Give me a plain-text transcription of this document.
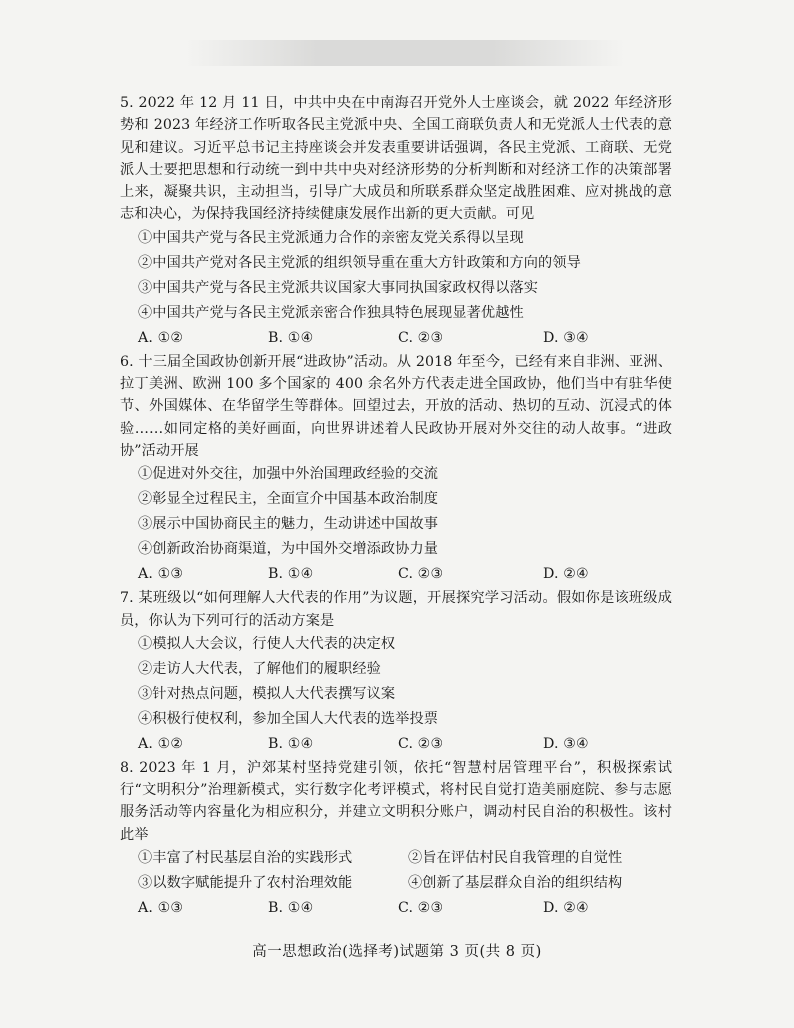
5. 2022 年 12 月 11 日，中共中央在中南海召开党外人士座谈会，就 2022 年经济形势和 2023 年经济工作听取各民主党派中央、全国工商联负责人和无党派人士代表的意见和建议。习近平总书记主持座谈会并发表重要讲话强调，各民主党派、工商联、无党派人士要把思想和行动统一到中共中央对经济形势的分析判断和对经济工作的决策部署上来，凝聚共识，主动担当，引导广大成员和所联系群众坚定战胜困难、应对挑战的意志和决心，为保持我国经济持续健康发展作出新的更大贡献。可见

①中国共产党与各民主党派通力合作的亲密友党关系得以呈现

②中国共产党对各民主党派的组织领导重在重大方针政策和方向的领导

③中国共产党与各民主党派共议国家大事同执国家政权得以落实

④中国共产党与各民主党派亲密合作独具特色展现显著优越性

A. ①②	B. ①④	C. ②③	D. ③④

6. 十三届全国政协创新开展“进政协”活动。从 2018 年至今，已经有来自非洲、亚洲、拉丁美洲、欧洲 100 多个国家的 400 余名外方代表走进全国政协，他们当中有驻华使节、外国媒体、在华留学生等群体。回望过去，开放的活动、热切的互动、沉浸式的体验……如同定格的美好画面，向世界讲述着人民政协开展对外交往的动人故事。“进政协”活动开展

①促进对外交往，加强中外治国理政经验的交流

②彰显全过程民主，全面宣介中国基本政治制度

③展示中国协商民主的魅力，生动讲述中国故事

④创新政治协商渠道，为中国外交增添政协力量

A. ①③	B. ①④	C. ②③	D. ②④

7. 某班级以“如何理解人大代表的作用”为议题，开展探究学习活动。假如你是该班级成员，你认为下列可行的活动方案是

①模拟人大会议，行使人大代表的决定权

②走访人大代表，了解他们的履职经验

③针对热点问题，模拟人大代表撰写议案

④积极行使权利，参加全国人大代表的选举投票

A. ①②	B. ①④	C. ②③	D. ③④

8. 2023 年 1 月，沪郊某村坚持党建引领，依托“智慧村居管理平台”，积极探索试行“文明积分”治理新模式，实行数字化考评模式，将村民自觉打造美丽庭院、参与志愿服务活动等内容量化为相应积分，并建立文明积分账户，调动村民自治的积极性。该村此举

①丰富了村民基层自治的实践形式	②旨在评估村民自我管理的自觉性
③以数字赋能提升了农村治理效能	④创新了基层群众自治的组织结构
A. ①③	B. ①④	C. ②③	D. ②④
高一思想政治(选择考)试题第 3 页(共 8 页)
